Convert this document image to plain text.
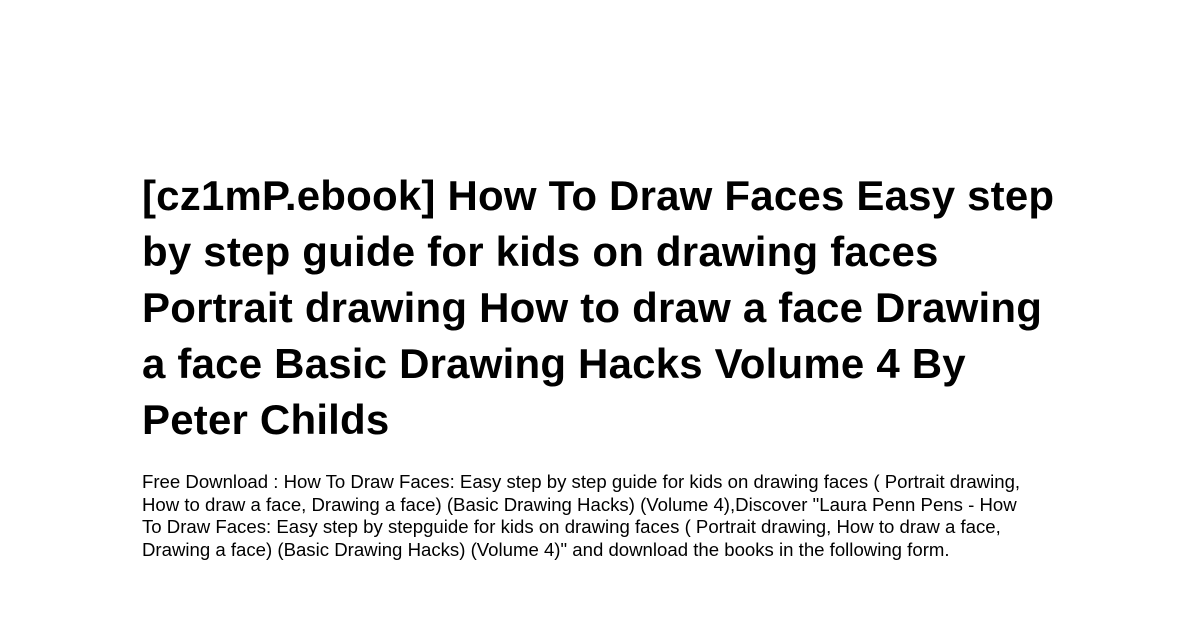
[cz1mP.ebook] How To Draw Faces Easy step by step guide for kids on drawing faces Portrait drawing How to draw a face Drawing a face Basic Drawing Hacks Volume 4 By Peter Childs

Free Download : How To Draw Faces: Easy step by step guide for kids on drawing faces ( Portrait drawing, How to draw a face, Drawing a face) (Basic Drawing Hacks) (Volume 4),Discover "Laura Penn Pens - How To Draw Faces: Easy step by stepguide for kids on drawing faces ( Portrait drawing, How to draw a face, Drawing a face) (Basic Drawing Hacks) (Volume 4)" and download the books in the following form.
